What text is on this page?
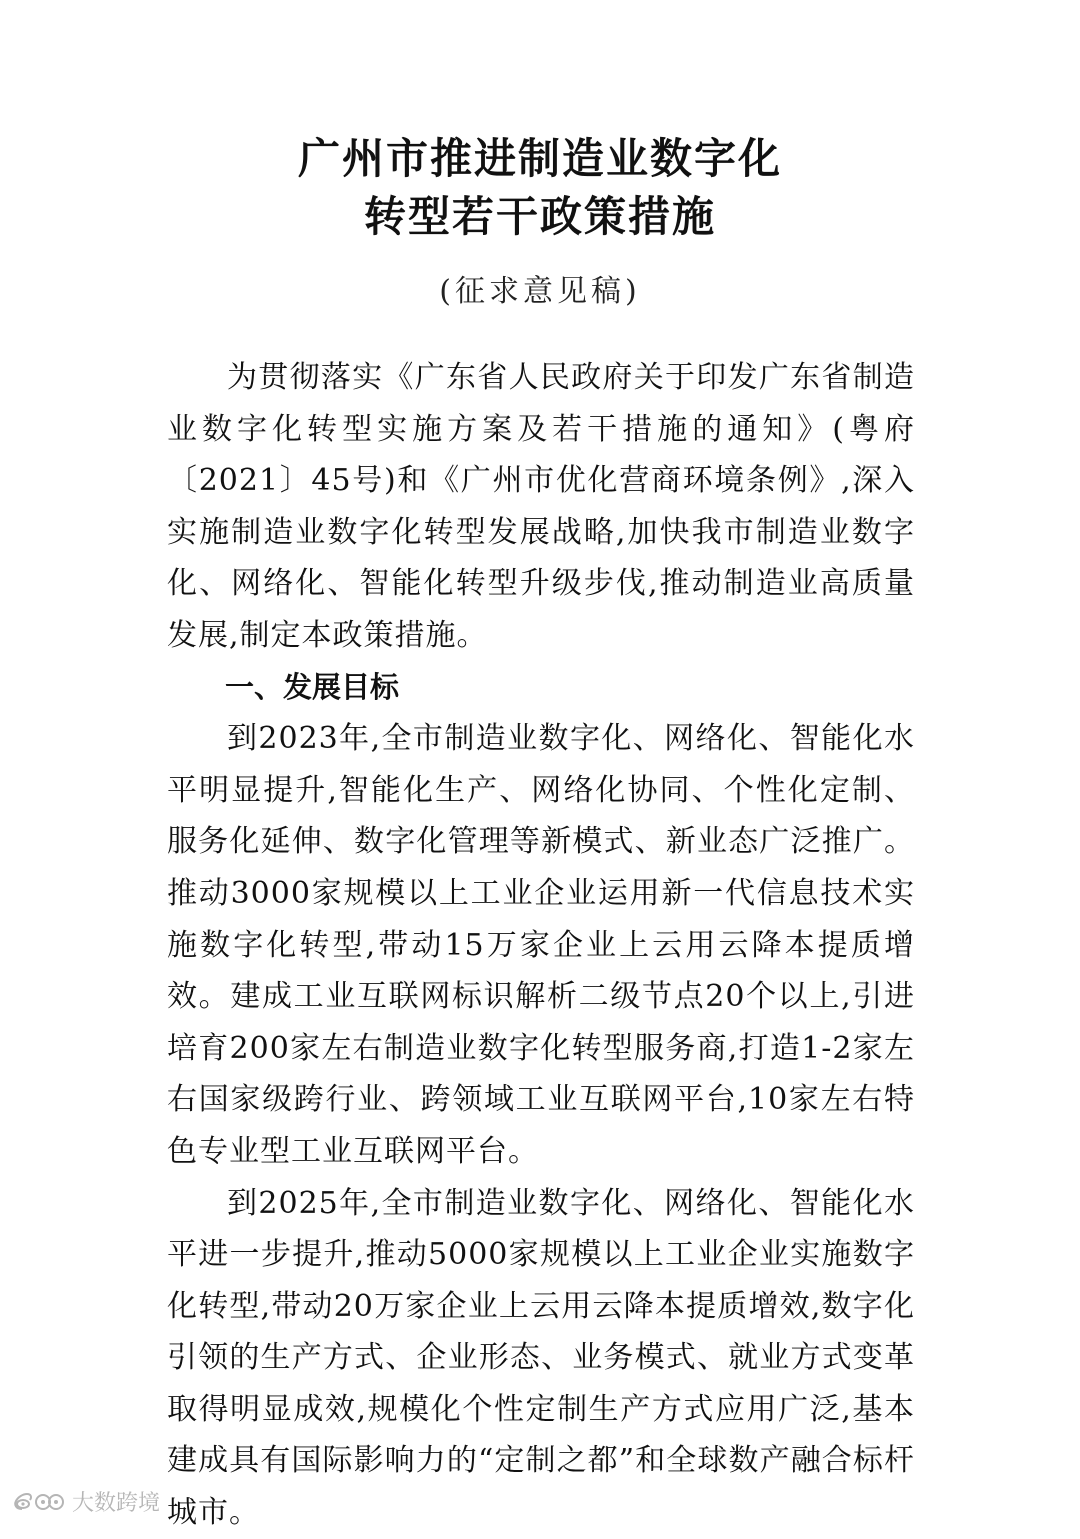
广州市推进制造业数字化
转型若干政策措施
(征求意见稿)

为贯彻落实《广东省人民政府关于印发广东省制造业数字化转型实施方案及若干措施的通知》(粤府〔2021〕45号)和《广州市优化营商环境条例》,深入实施制造业数字化转型发展战略,加快我市制造业数字化、网络化、智能化转型升级步伐,推动制造业高质量发展,制定本政策措施。

一、发展目标

到2023年,全市制造业数字化、网络化、智能化水平明显提升,智能化生产、网络化协同、个性化定制、服务化延伸、数字化管理等新模式、新业态广泛推广。推动3000家规模以上工业企业运用新一代信息技术实施数字化转型,带动15万家企业上云用云降本提质增效。建成工业互联网标识解析二级节点20个以上,引进培育200家左右制造业数字化转型服务商,打造1-2家左右国家级跨行业、跨领域工业互联网平台,10家左右特色专业型工业互联网平台。

到2025年,全市制造业数字化、网络化、智能化水平进一步提升,推动5000家规模以上工业企业实施数字化转型,带动20万家企业上云用云降本提质增效,数字化引领的生产方式、企业形态、业务模式、就业方式变革取得明显成效,规模化个性定制生产方式应用广泛,基本建成具有国际影响力的“定制之都”和全球数产融合标杆城市。

大数跨境
